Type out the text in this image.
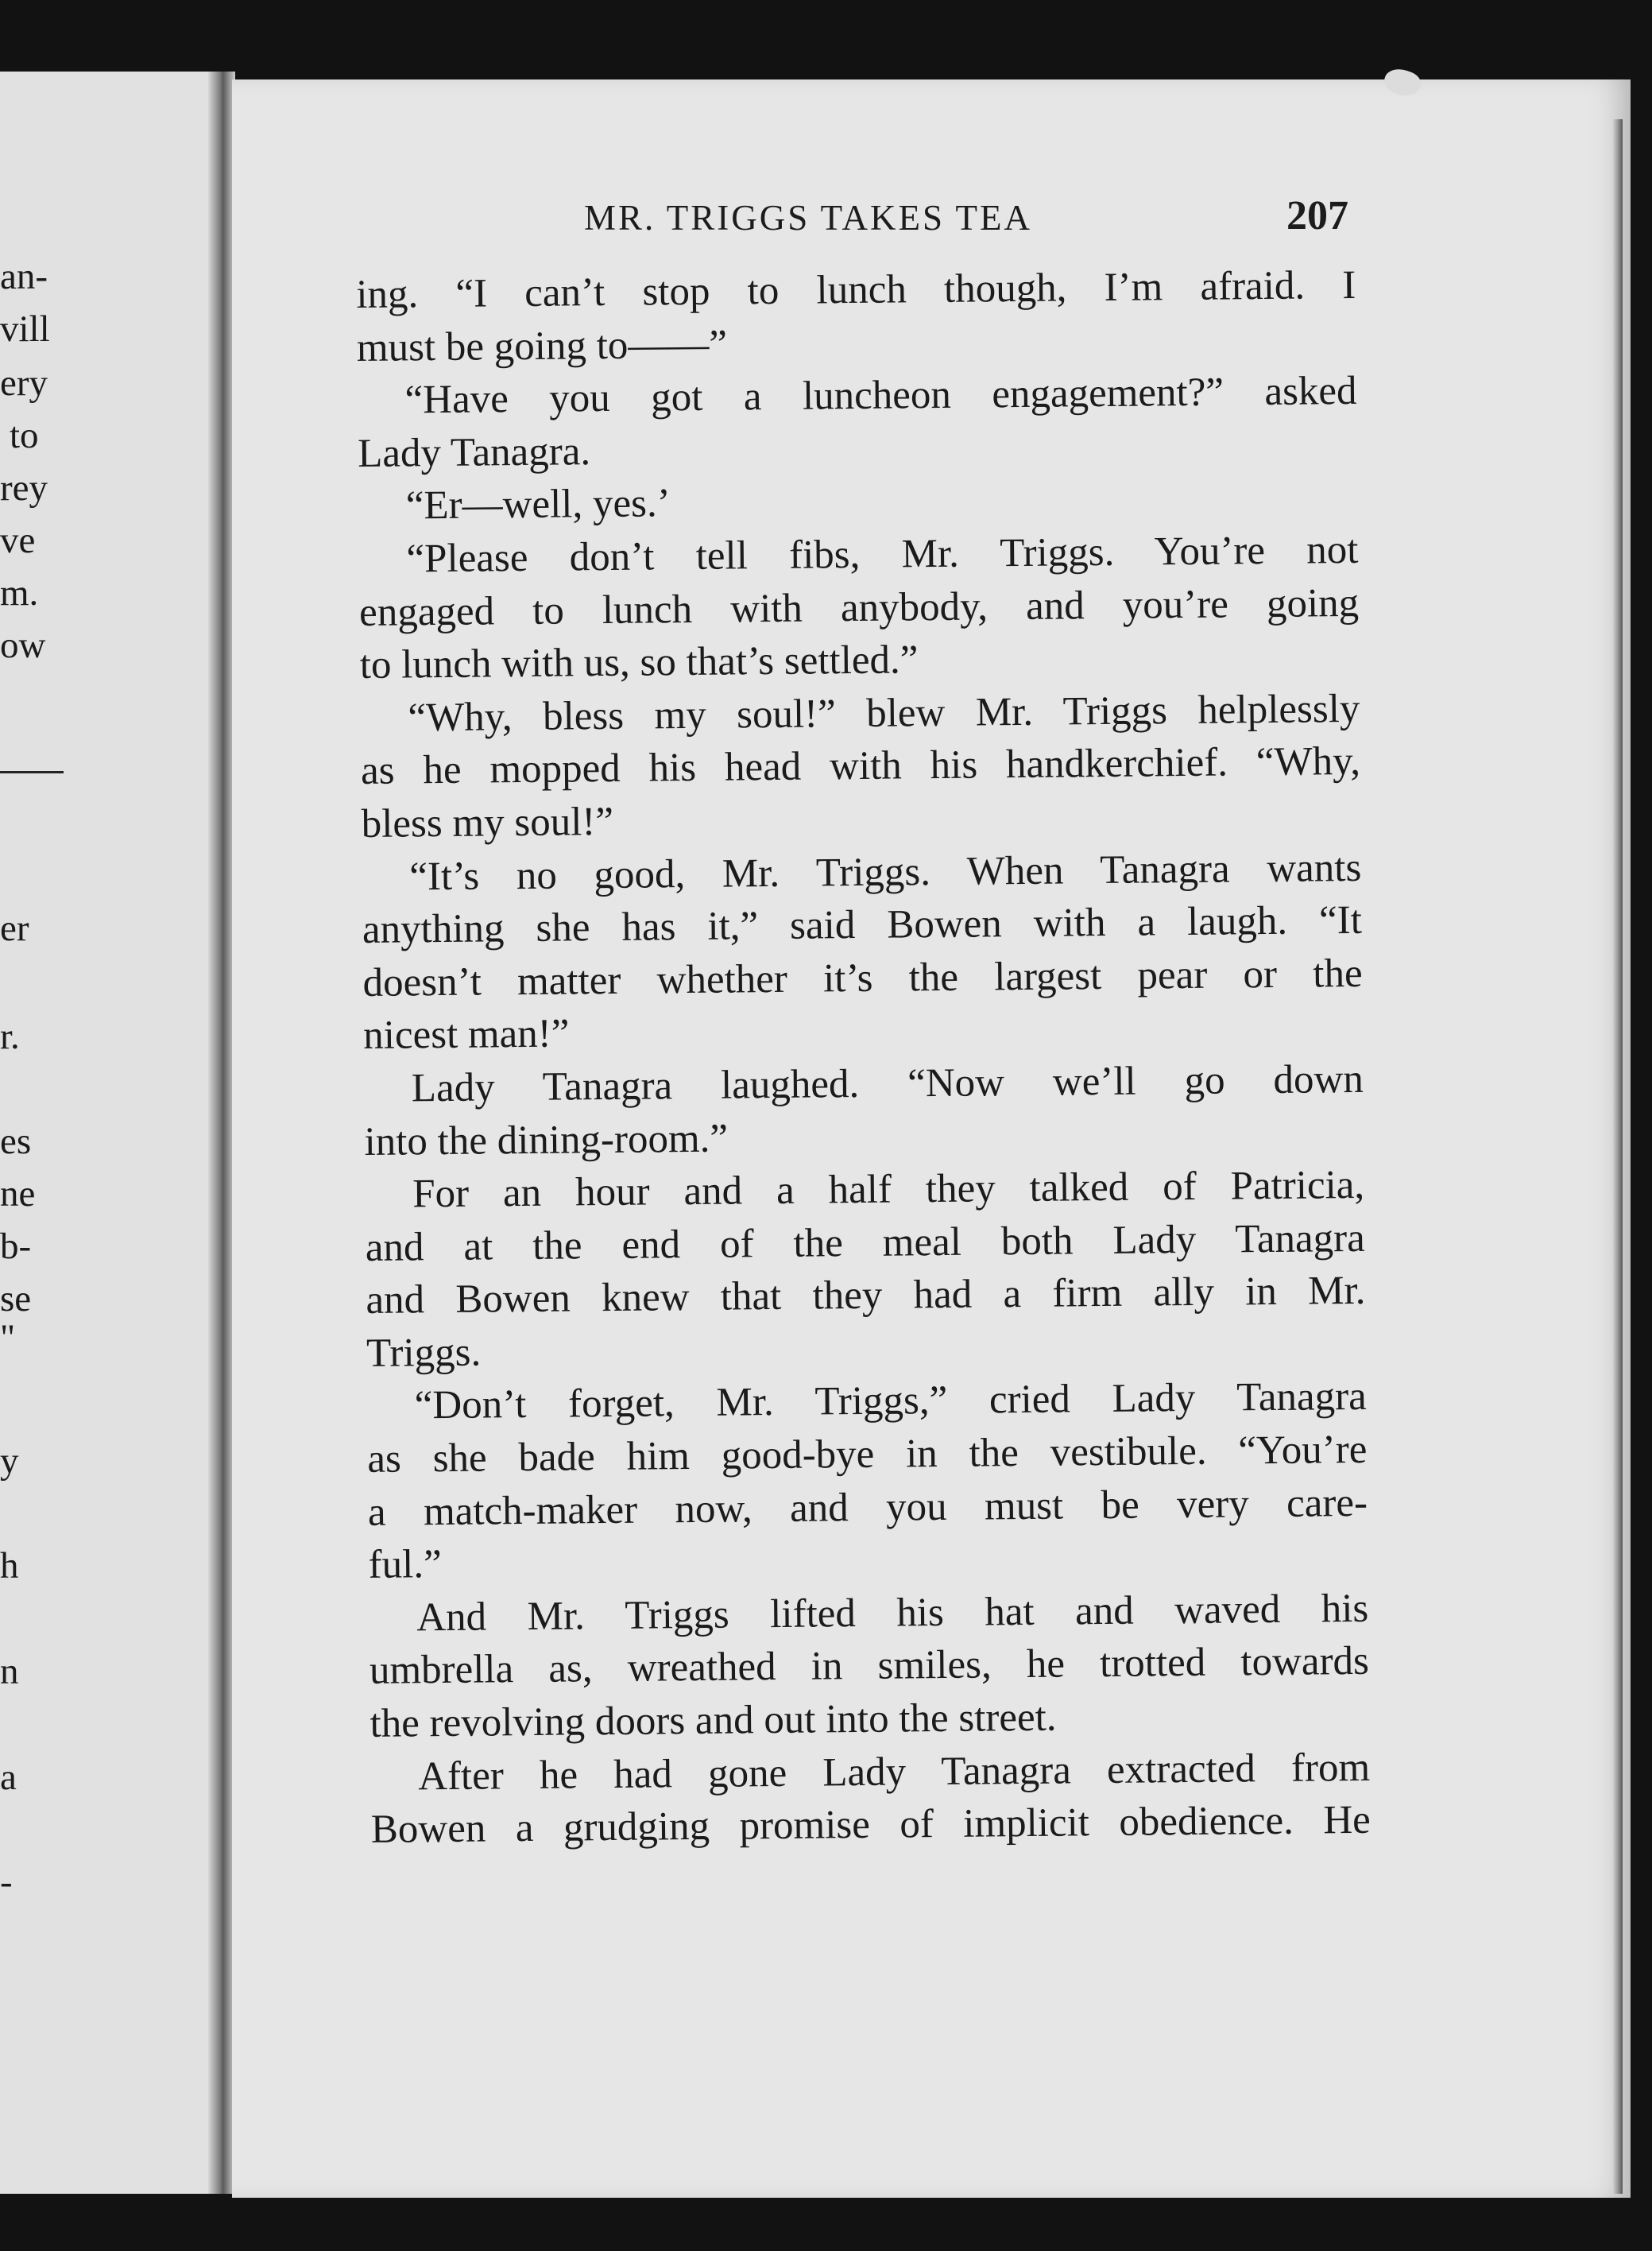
an-
vill
ery
to
rey
ve
m.
ow
er
r.
es
ne
b-
se
"
y
h
n
a
-
MR. TRIGGS TAKES TEA	207
ing. “I can’t stop to lunch though, I’m afraid. I
must be going to——”
“Have you got a luncheon engagement?” asked
Lady Tanagra.
“Er—well, yes.’
“Please don’t tell fibs, Mr. Triggs. You’re not
engaged to lunch with anybody, and you’re going
to lunch with us, so that’s settled.”
“Why, bless my soul!” blew Mr. Triggs helplessly
as he mopped his head with his handkerchief. “Why,
bless my soul!”
“It’s no good, Mr. Triggs. When Tanagra wants
anything she has it,” said Bowen with a laugh. “It
doesn’t matter whether it’s the largest pear or the
nicest man!”
Lady Tanagra laughed. “Now we’ll go down
into the dining-room.”
For an hour and a half they talked of Patricia,
and at the end of the meal both Lady Tanagra
and Bowen knew that they had a firm ally in Mr.
Triggs.
“Don’t forget, Mr. Triggs,” cried Lady Tanagra
as she bade him good-bye in the vestibule. “You’re
a match-maker now, and you must be very care-
ful.”
And Mr. Triggs lifted his hat and waved his
umbrella as, wreathed in smiles, he trotted towards
the revolving doors and out into the street.
After he had gone Lady Tanagra extracted from
Bowen a grudging promise of implicit obedience. He
